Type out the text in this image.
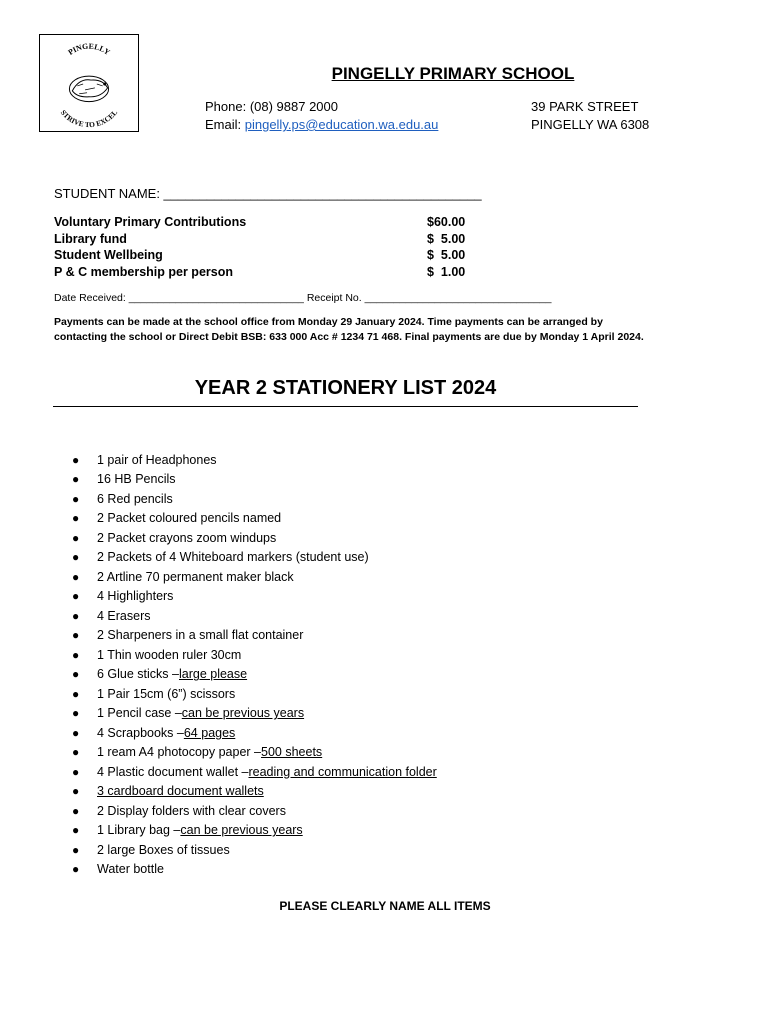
PINGELLY
STRIVE TO EXCEL
PINGELLY PRIMARY SCHOOL
Phone: (08) 9887 2000
Email: pingelly.ps@education.wa.edu.au
39 PARK STREET
PINGELLY WA 6308
STUDENT NAME: ____________________________________________
Voluntary Primary Contributions	$60.00
Library fund	$  5.00
Student Wellbeing	$  5.00
P & C membership per person	$  1.00
Date Received: ______________________________ Receipt No. ________________________________
Payments can be made at the school office from Monday 29 January 2024. Time payments can be arranged by contacting the school or Direct Debit BSB: 633 000 Acc # 1234 71 468. Final payments are due by Monday 1 April 2024.
YEAR 2 STATIONERY LIST 2024
●	1 pair of Headphones
●	16 HB Pencils
●	6 Red pencils
●	2 Packet coloured pencils named
●	2 Packet crayons zoom windups
●	2 Packets of 4 Whiteboard markers (student use)
●	2 Artline 70 permanent maker black
●	4 Highlighters
●	4 Erasers
●	2 Sharpeners in a small flat container
●	1 Thin wooden ruler 30cm
●	6 Glue sticks – large please
●	1 Pair 15cm (6”) scissors
●	1 Pencil case – can be previous years
●	4 Scrapbooks – 64 pages
●	1 ream A4 photocopy paper – 500 sheets
●	4 Plastic document wallet – reading and communication folder
●	3 cardboard document wallets
●	2 Display folders with clear covers
●	1 Library bag – can be previous years
●	2 large Boxes of tissues
●	Water bottle
PLEASE CLEARLY NAME ALL ITEMS
